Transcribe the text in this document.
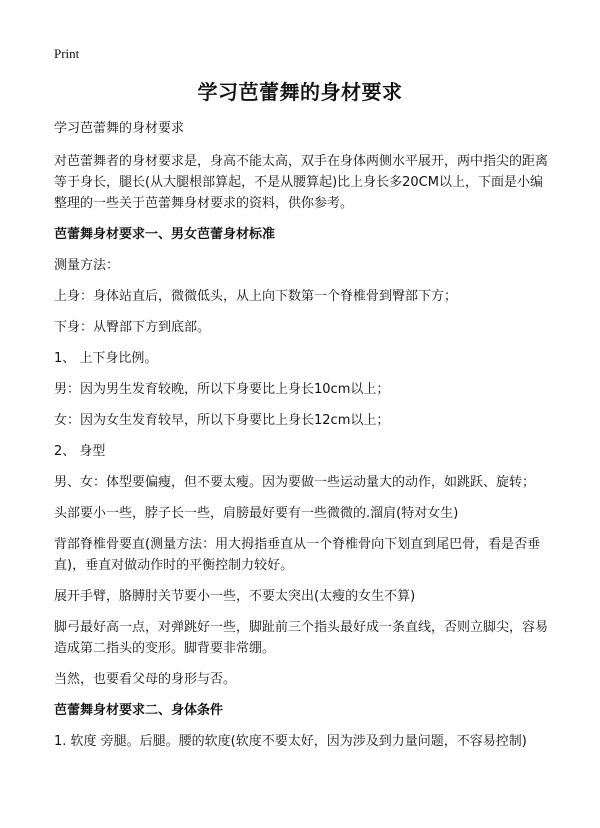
Print
学习芭蕾舞的身材要求

学习芭蕾舞的身材要求

对芭蕾舞者的身材要求是，身高不能太高，双手在身体两侧水平展开，两中指尖的距离等于身长，腿长(从大腿根部算起，不是从腰算起)比上身长多20CM以上，下面是小编整理的一些关于芭蕾舞身材要求的资料，供你参考。

芭蕾舞身材要求一、男女芭蕾身材标准

测量方法：

上身：身体站直后，微微低头，从上向下数第一个脊椎骨到臀部下方；

下身：从臀部下方到底部。

1、 上下身比例。

男：因为男生发育较晚，所以下身要比上身长10cm以上；

女：因为女生发育较早，所以下身要比上身长12cm以上；

2、 身型

男、女：体型要偏瘦，但不要太瘦。因为要做一些运动量大的动作，如跳跃、旋转；

头部要小一些，脖子长一些，肩膀最好要有一些微微的.溜肩(特对女生)

背部脊椎骨要直(测量方法：用大拇指垂直从一个脊椎骨向下划直到尾巴骨，看是否垂直)，垂直对做动作时的平衡控制力较好。

展开手臂，胳膊肘关节要小一些，不要太突出(太瘦的女生不算)

脚弓最好高一点，对弹跳好一些，脚趾前三个指头最好成一条直线，否则立脚尖，容易造成第二指头的变形。脚背要非常绷。

当然，也要看父母的身形与否。

芭蕾舞身材要求二、身体条件

1. 软度 旁腿。后腿。腰的软度(软度不要太好，因为涉及到力量问题，不容易控制)
